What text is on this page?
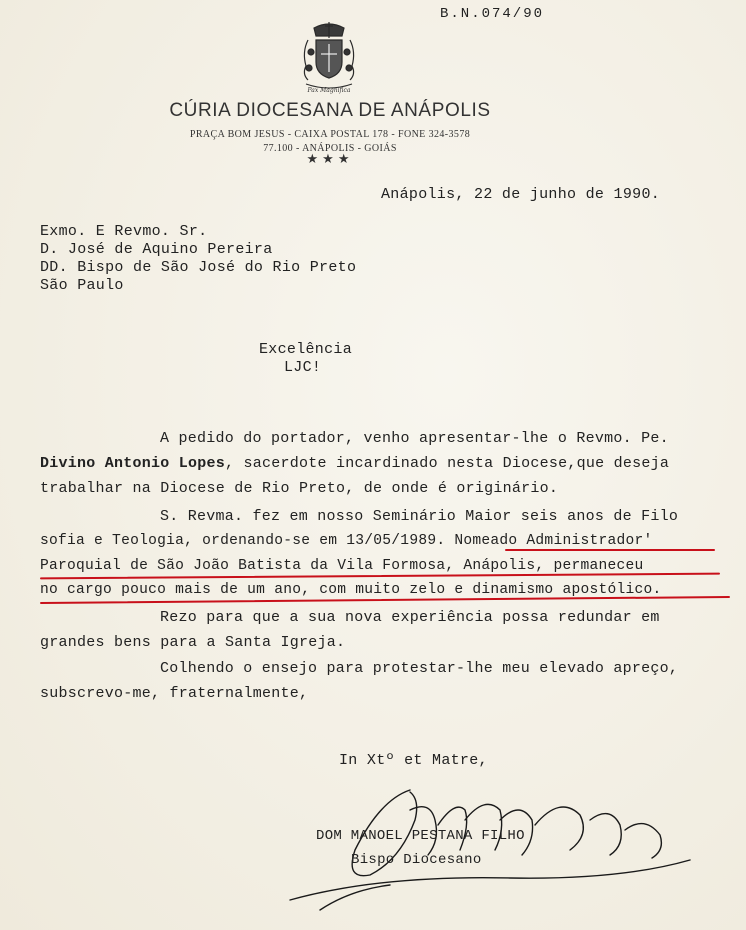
B.N.074/90
Pax Magnifica
CÚRIA DIOCESANA DE ANÁPOLIS
PRAÇA BOM JESUS - CAIXA POSTAL 178 - FONE 324-3578
77.100 - ANÁPOLIS - GOIÁS
★★★
Anápolis, 22 de junho de 1990.
Exmo. E Revmo. Sr.
D. José de Aquino Pereira
DD. Bispo de São José do Rio Preto
São Paulo
Excelência
LJC!
A pedido do portador, venho apresentar-lhe o Revmo. Pe.
Divino Antonio Lopes, sacerdote incardinado nesta Diocese,que deseja
trabalhar na Diocese de Rio Preto, de onde é originário.
S. Revma. fez em nosso Seminário Maior seis anos de Filo
sofia e Teologia, ordenando-se em 13/05/1989. Nomeado Administrador'
Paroquial de São João Batista da Vila Formosa, Anápolis, permaneceu
no cargo pouco mais de um ano, com muito zelo e dinamismo apostólico.
Rezo para que a sua nova experiência possa redundar em
grandes bens para a Santa Igreja.
Colhendo o ensejo para protestar-lhe meu elevado apreço,
subscrevo-me, fraternalmente,
In Xtº et Matre,
DOM MANOEL PESTANA FILHO
Bispo Diocesano
